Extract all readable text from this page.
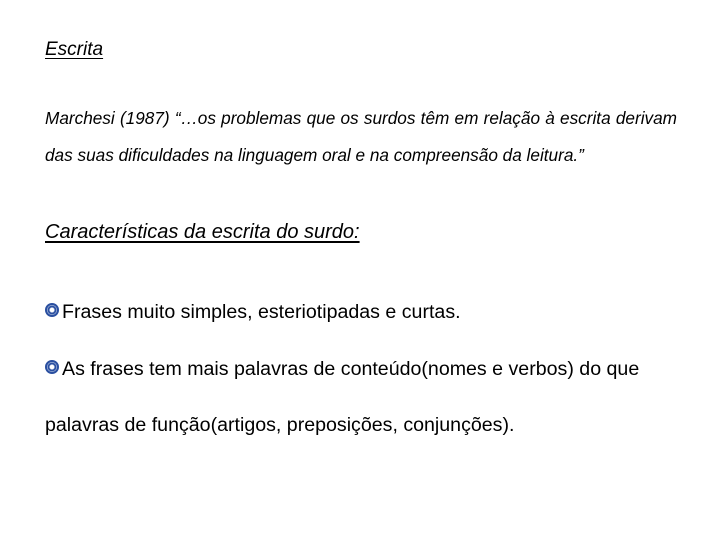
Escrita
Marchesi (1987) “…os problemas que os surdos têm em relação à escrita derivam das suas dificuldades na linguagem oral e na compreensão da leitura.”
Características da escrita do surdo:
Frases muito simples, esteriotipadas e curtas.
As frases tem mais palavras de conteúdo(nomes e verbos) do que palavras de função(artigos, preposições, conjunções).
